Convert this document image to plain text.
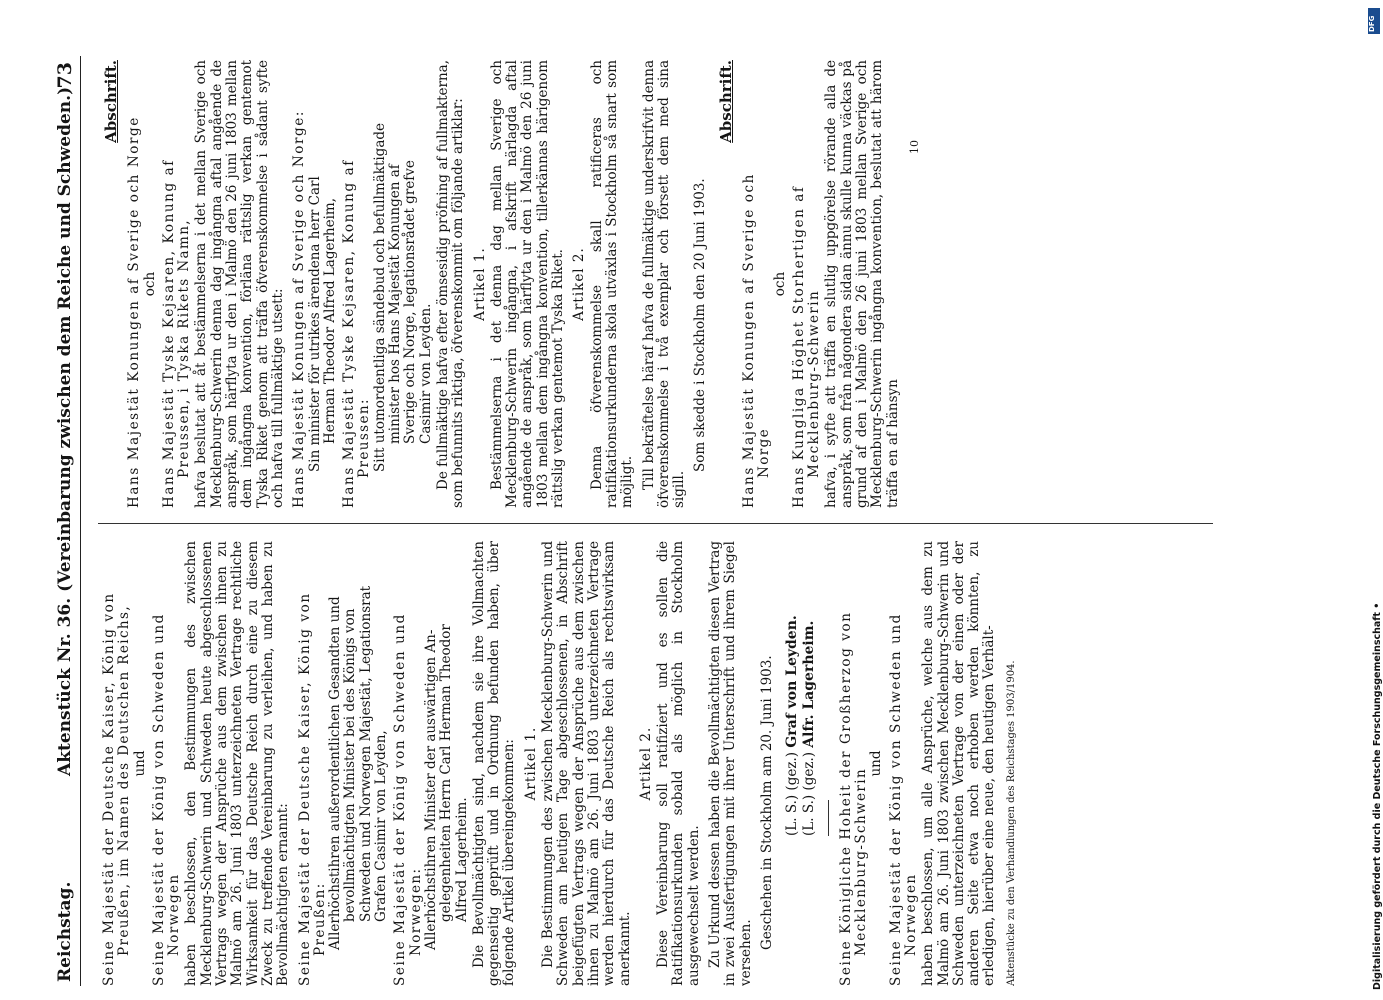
Reichstag.
Aktenstück Nr. 36. (Vereinbarung zwischen dem Reiche und Schweden.)
73
Seine Majestät der Deutsche Kaiser, König von Preußen, im Namen des Deutschen Reichs, und Seine Majestät der König von Schweden und Norwegen haben beschlossen, den Bestimmungen des zwischen Mecklenburg-Schwerin und Schweden heute abgeschlossenen Vertrags wegen der Ansprüche aus dem zwischen ihnen zu Malmö am 26. Juni 1803 unterzeichneten Vertrage rechtliche Wirksamkeit für das Deutsche Reich durch eine zu diesem Zweck zu treffende Vereinbarung zu verleihen, und haben zu Bevollmächtigten ernannt: Seine Majestät der Deutsche Kaiser, König von Preußen: Allerhöchstihren außerordentlichen Gesandten und bevollmächtigten Minister bei des Königs von Schweden und Norwegen Majestät, Legationsrat Grafen Casimir von Leyden, Seine Majestät der König von Schweden und Norwegen: Allerhöchstihren Minister der auswärtigen An- gelegenheiten Herrn Carl Herman Theodor Alfred Lagerheim. Die Bevollmächtigten sind, nachdem sie ihre Vollmachten gegenseitig geprüft und in Ordnung befunden haben, über folgende Artikel übereingekommen: Artikel 1. Die Bestimmungen des zwischen Mecklenburg-Schwerin und Schweden am heutigen Tage abgeschlossenen, in Abschrift beigefügten Vertrags wegen der Ansprüche aus dem zwischen ihnen zu Malmö am 26. Juni 1803 unterzeichneten Vertrage werden hierdurch für das Deutsche Reich als rechtswirksam anerkannt.

Artikel 2. Diese Vereinbarung soll ratifiziert und es sollen die Ratifikationsurkunden sobald als möglich in Stockholm ausgewechselt werden. Zu Urkund dessen haben die Bevollmächtigten diesen Vertrag in zwei Ausfertigungen mit ihrer Unterschrift und ihrem Siegel versehen.

Geschehen in Stockholm am 20. Juni 1903. (L. S.) (gez.) Graf von Leyden.
(L. S.) (gez.) Alfr. Lagerheim. Seine Königliche Hoheit der Großherzog von Mecklenburg-Schwerin
und Seine Majestät der König von Schweden und Norwegen haben beschlossen, um alle Ansprüche, welche aus dem zu Malmö am 26. Juni 1803 zwischen Mecklenburg-Schwerin und Schweden unterzeichneten Vertrage von der einen oder der anderen Seite etwa noch erhoben werden könnten, zu erledigen, hierüber eine neue, den heutigen Verhält- Aktenstücke zu den Verhandlungen des Reichstages 1903/1904.
Abschrift.
Hans Majestät Konungen af Sverige och Norge och Hans Majestät Tyske Kejsaren, Konung af Preussen, i Tyska Rikets Namn, hafva beslutat att åt bestämmelserna i det mellan Sverige och Mecklenburg-Schwerin denna dag ingångna aftal angående de anspråk, som härflyta ur den i Malmö den 26 juni 1803 mellan dem ingångna konvention, förläna rättslig verkan gentemot Tyska Riket genom att träffa öfverenskommelse i sådant syfte och hafva till fullmäktige utsett: Hans Majestät Konungen af Sverige och Norge: Sin minister för utrikes ärendena herr Carl Herman Theodor Alfred Lagerheim, Hans Majestät Tyske Kejsaren, Konung af Preussen: Sitt utomordentliga sändebud och befullmäktigade minister hos Hans Majestät Konungen af Sverige och Norge, legationsrådet grefve Casimir von Leyden. De fullmäktige hafva efter ömsesidig pröfning af fullmakterna, som befunnits riktiga, öfverenskommit om följande artiklar: Artikel 1. Bestämmelserna i det denna dag mellan Sverige och Mecklenburg-Schwerin ingångna, i afskrift närlagda aftal angående de anspråk, som härflyta ur den i Malmö den 26 juni 1803 mellan dem ingångna konvention, tillerkännas härigenom rättslig verkan gentemot Tyska Riket. Artikel 2. Denna öfverenskommelse skall ratificeras och ratifikationsurkunderna skola utväxlas i Stockholm så snart som möjligt. Till bekräftelse häraf hafva de fullmäktige underskrifvit denna öfverenskommelse i två exemplar och försett dem med sina sigill.

Som skedde i Stockholm den 20 Juni 1903.
Abschrift.
Hans Majestät Konungen af Sverige och Norge
och Hans Kungliga Höghet Storhertigen af Mecklenburg-Schwerin hafva, i syfte att träffa en slutlig uppgörelse rörande alla de anspråk, som från någondera sidan ännu skulle kunna väckas på grund af den i Malmö den 26 juni 1803 mellan Sverige och Mecklenburg-Schwerin ingångna konvention, beslutat att härom träffa en af hänsyn

10
Digitalisierung gefördert durch die Deutsche Forschungsgemeinschaft •
DFG
